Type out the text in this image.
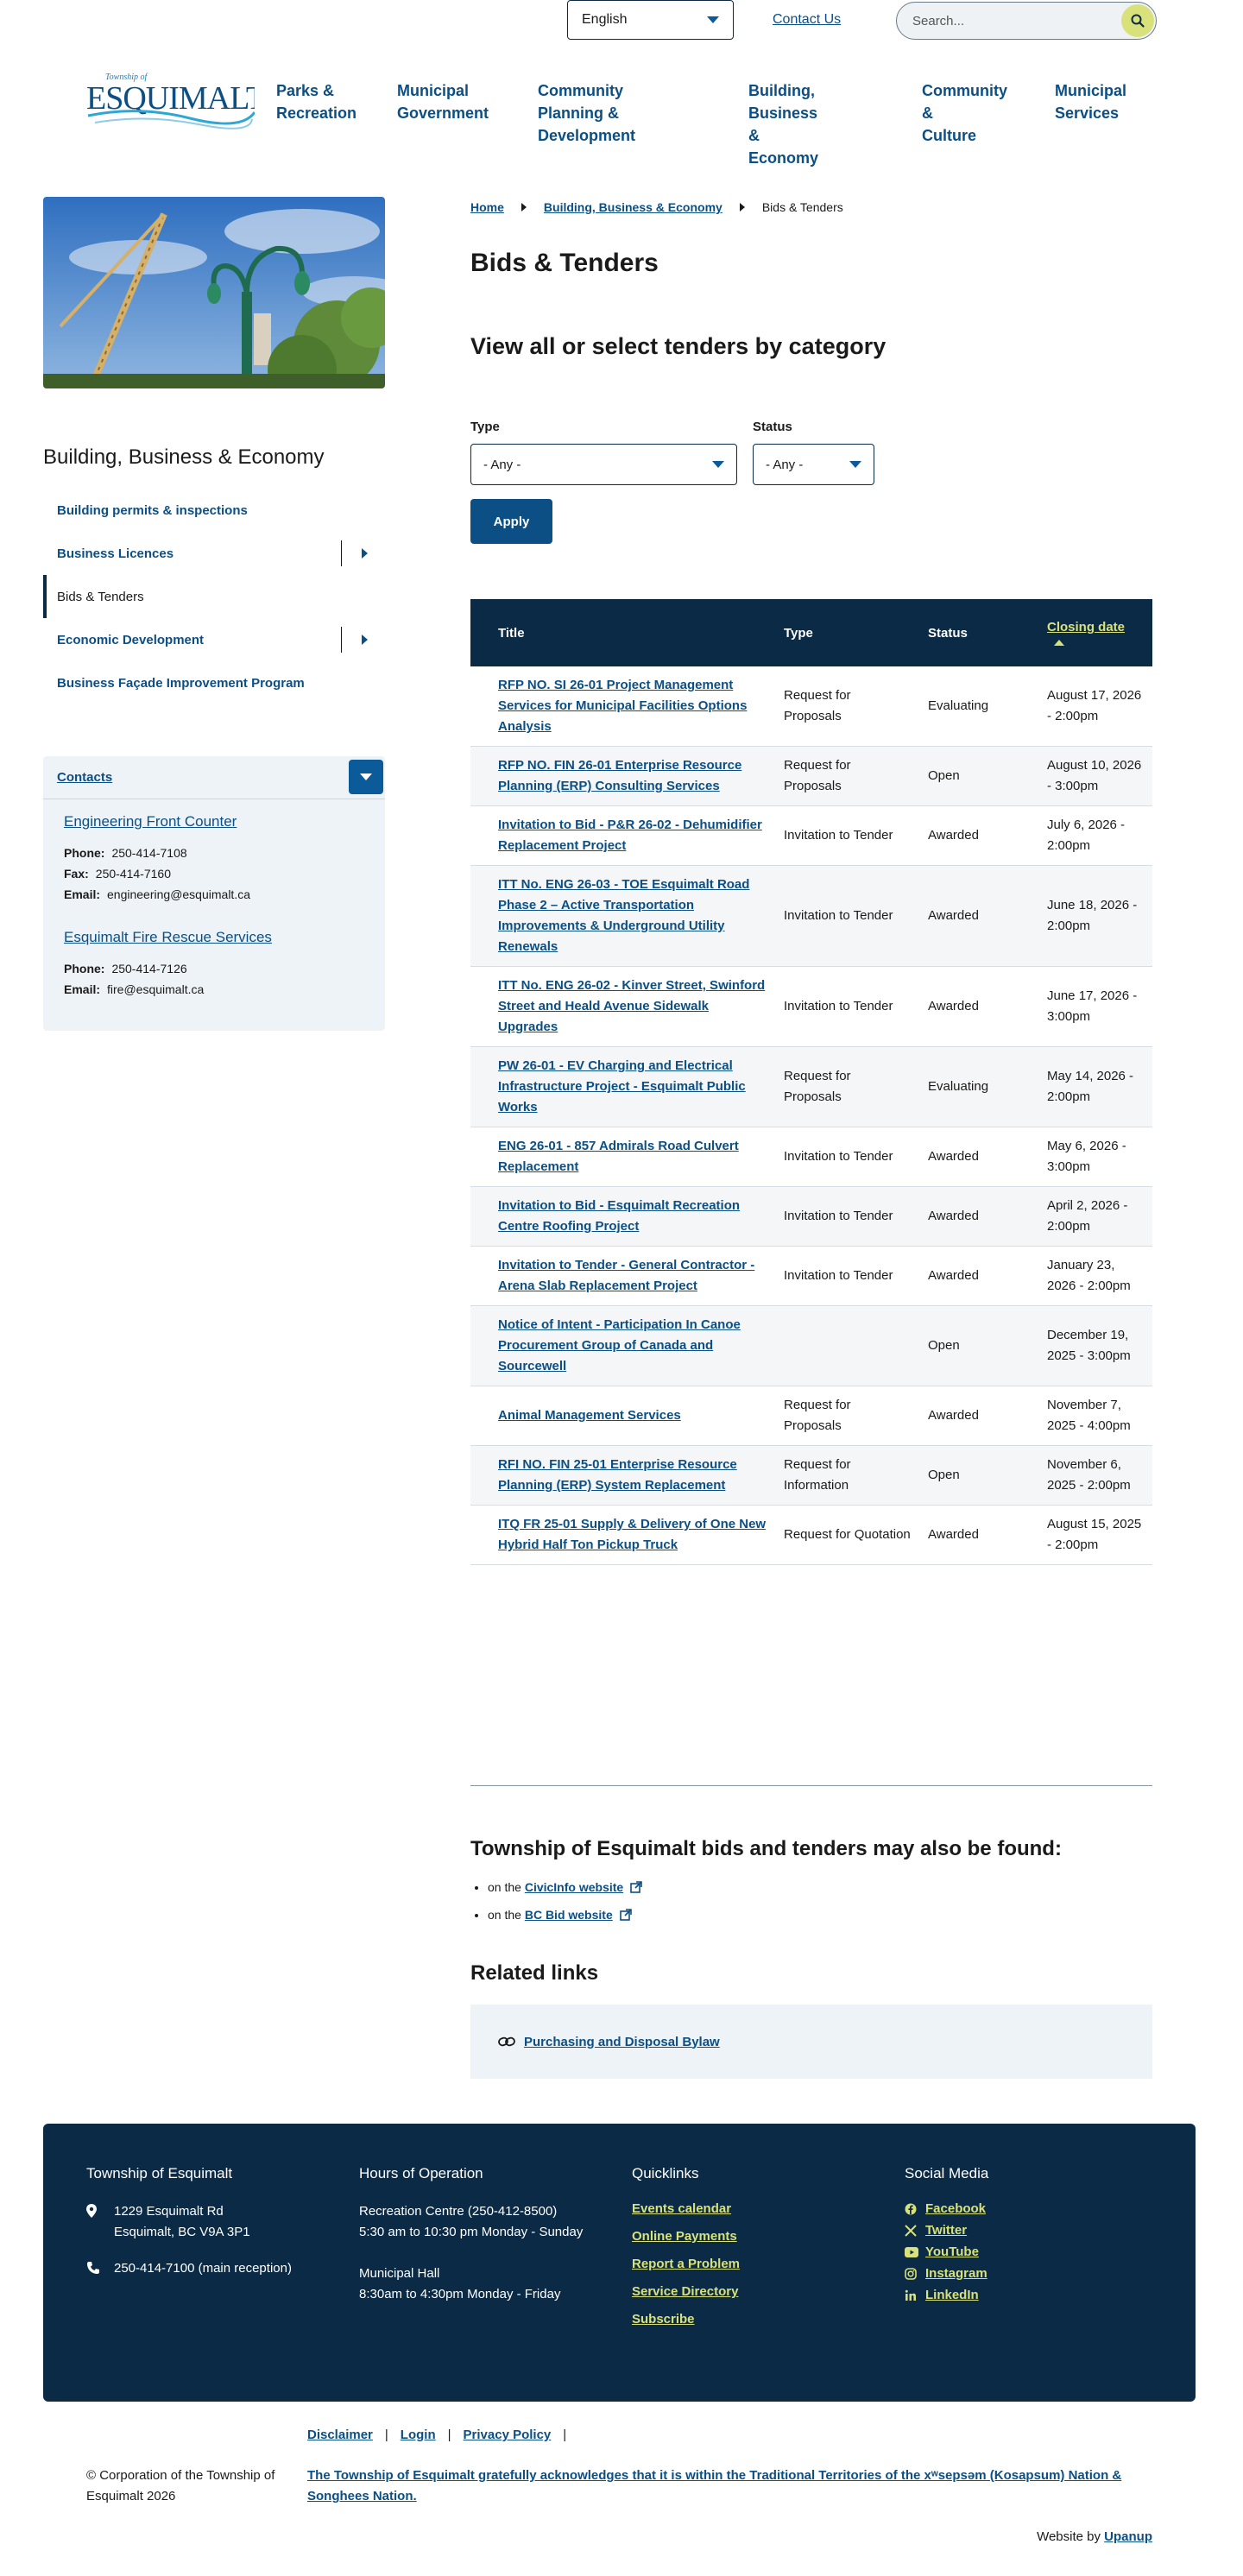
English	Contact Us
Search...
Township of
ESQUIMALT Parks &
Recreation
Municipal
Government
Community Planning &
Development
Building, Business &
Economy
Community &
Culture
Municipal
Services
Building, Business & Economy
Building permits & inspections
Business Licences
Bids & Tenders
Economic Development
Business Façade Improvement Program
Contacts
Engineering Front Counter
Phone: 250-414-7108
Fax: 250-414-7160
Email: engineering@esquimalt.ca
Esquimalt Fire Rescue Services
Phone: 250-414-7126
Email: fire@esquimalt.ca
Home	Building, Business & Economy	Bids & Tenders
Bids & Tenders
View all or select tenders by category
Type
- Any -
Status
- Any -
Apply
Title	Type	Status	Closing date

RFP NO. SI 26-01 Project Management Services for Municipal Facilities Options Analysis	Request for Proposals	Evaluating	August 17, 2026 - 2:00pm
RFP NO. FIN 26-01 Enterprise Resource Planning (ERP) Consulting Services	Request for Proposals	Open	August 10, 2026 - 3:00pm
Invitation to Bid - P&R 26-02 - Dehumidifier Replacement Project	Invitation to Tender	Awarded	July 6, 2026 - 2:00pm
ITT No. ENG 26-03 - TOE Esquimalt Road Phase 2 – Active Transportation Improvements & Underground Utility Renewals	Invitation to Tender	Awarded	June 18, 2026 - 2:00pm
ITT No. ENG 26-02 - Kinver Street, Swinford Street and Heald Avenue Sidewalk Upgrades	Invitation to Tender	Awarded	June 17, 2026 - 3:00pm
PW 26-01 - EV Charging and Electrical Infrastructure Project - Esquimalt Public Works	Request for Proposals	Evaluating	May 14, 2026 - 2:00pm
ENG 26-01 - 857 Admirals Road Culvert Replacement	Invitation to Tender	Awarded	May 6, 2026 - 3:00pm
Invitation to Bid - Esquimalt Recreation Centre Roofing Project	Invitation to Tender	Awarded	April 2, 2026 - 2:00pm
Invitation to Tender - General Contractor - Arena Slab Replacement Project	Invitation to Tender	Awarded	January 23, 2026 - 2:00pm
Notice of Intent - Participation In Canoe Procurement Group of Canada and Sourcewell		Open	December 19, 2025 - 3:00pm
Animal Management Services	Request for Proposals	Awarded	November 7, 2025 - 4:00pm
RFI NO. FIN 25-01 Enterprise Resource Planning (ERP) System Replacement	Request for Information	Open	November 6, 2025 - 2:00pm
ITQ FR 25-01 Supply & Delivery of One New Hybrid Half Ton Pickup Truck	Request for Quotation	Awarded	August 15, 2025 - 2:00pm
Township of Esquimalt bids and tenders may also be found:
• on the CivicInfo website
• on the BC Bid website
Related links
Purchasing and Disposal Bylaw
Township of Esquimalt
1229 Esquimalt Rd
Esquimalt, BC V9A 3P1
250-414-7100 (main reception)
Hours of Operation
Recreation Centre (250-412-8500)
5:30 am to 10:30 pm Monday - Sunday
Municipal Hall
8:30am to 4:30pm Monday - Friday
Quicklinks
Events calendar
Online Payments
Report a Problem
Service Directory
Subscribe
Social Media
Facebook
Twitter
YouTube
Instagram
LinkedIn
Disclaimer | Login | Privacy Policy |
© Corporation of the Township of Esquimalt 2026
The Township of Esquimalt gratefully acknowledges that it is within the Traditional Territories of the xʷsepsəm (Kosapsum) Nation & Songhees Nation.
Website by Upanup
